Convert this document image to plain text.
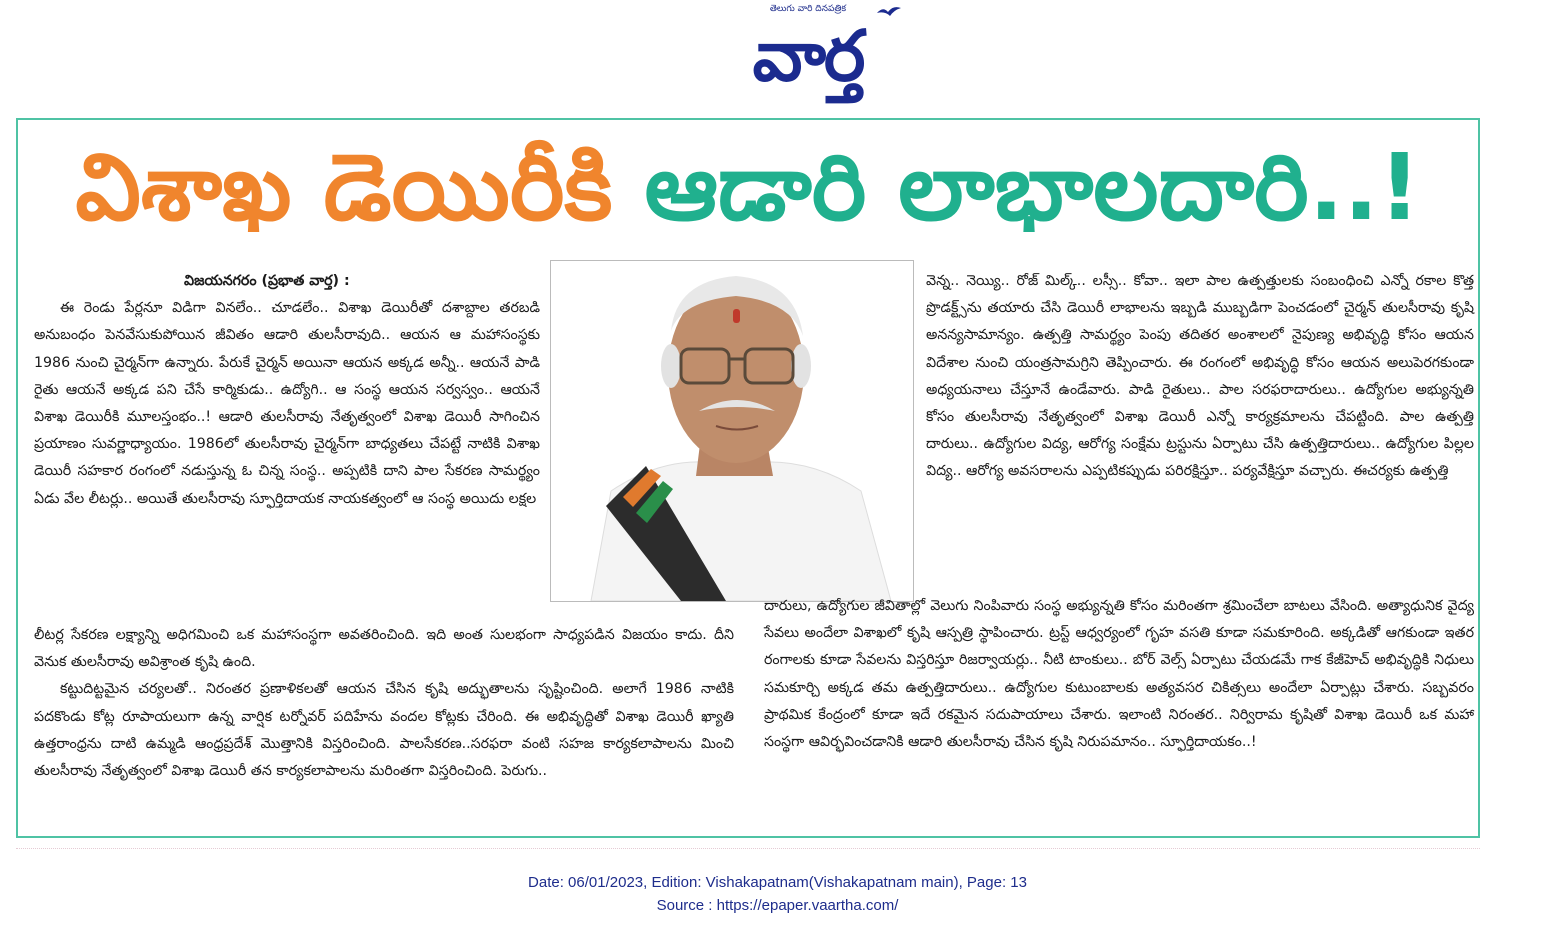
తెలుగు వారి దినపత్రిక
వార్త
విశాఖ డెయిరీకి ఆడారి లాభాలదారి..!

విజయనగరం (ప్రభాత వార్త) :

ఈ రెండు పేర్లనూ విడిగా వినలేం.. చూడలేం.. విశాఖ డెయిరీతో దశాబ్దాల తరబడి అనుబంధం పెనవేసుకుపోయిన జీవితం ఆడారి తులసీరావుది.. ఆయన ఆ మహాసంస్థకు 1986 నుంచి చైర్మన్‌గా ఉన్నారు. పేరుకే చైర్మన్ అయినా ఆయన అక్కడ అన్నీ.. ఆయనే పాడి రైతు ఆయనే అక్కడ పని చేసే కార్మికుడు.. ఉద్యోగి.. ఆ సంస్థ ఆయన సర్వస్వం.. ఆయనే విశాఖ డెయిరీకి మూలస్తంభం..! ఆడారి తులసీరావు నేతృత్వంలో విశాఖ డెయిరీ సాగించిన ప్రయాణం సువర్ణాధ్యాయం. 1986లో తులసీరావు చైర్మన్‌గా బాధ్యతలు చేపట్టే నాటికి విశాఖ డెయిరీ సహకార రంగంలో నడుస్తున్న ఓ చిన్న సంస్థ.. అప్పటికి దాని పాల సేకరణ సామర్థ్యం ఏడు వేల లీటర్లు.. అయితే తులసీరావు స్ఫూర్తిదాయక నాయకత్వంలో ఆ సంస్థ అయిదు లక్షల

వెన్న.. నెయ్యి.. రోజ్ మిల్క్.. లస్సీ.. కోవా.. ఇలా పాల ఉత్పత్తులకు సంబంధించి ఎన్నో రకాల కొత్త ప్రొడక్ట్స్‌ను తయారు చేసి డెయిరీ లాభాలను ఇబ్బడి ముబ్బడిగా పెంచడంలో చైర్మన్ తులసీరావు కృషి అనన్యసామాన్యం. ఉత్పత్తి సామర్థ్యం పెంపు తదితర అంశాలలో నైపుణ్య అభివృద్ధి కోసం ఆయన విదేశాల నుంచి యంత్రసామగ్రిని తెప్పించారు. ఈ రంగంలో అభివృద్ధి కోసం ఆయన అలుపెరగకుండా అధ్యయనాలు చేస్తూనే ఉండేవారు. పాడి రైతులు.. పాల సరఫరాదారులు.. ఉద్యోగుల అభ్యున్నతి కోసం తులసీరావు నేతృత్వంలో విశాఖ డెయిరీ ఎన్నో కార్యక్రమాలను చేపట్టింది. పాల ఉత్పత్తి దారులు.. ఉద్యోగుల విద్య, ఆరోగ్య సంక్షేమ ట్రస్టును ఏర్పాటు చేసి ఉత్పత్తిదారులు.. ఉద్యోగుల పిల్లల విద్య.. ఆరోగ్య అవసరాలను ఎప్పటికప్పుడు పరిరక్షిస్తూ.. పర్యవేక్షిస్తూ వచ్చారు. ఈచర్యకు ఉత్పత్తి

లీటర్ల సేకరణ లక్ష్యాన్ని అధిగమించి ఒక మహాసంస్థగా అవతరించింది. ఇది అంత సులభంగా సాధ్యపడిన విజయం కాదు. దీని వెనుక తులసీరావు అవిశ్రాంత కృషి ఉంది.

కట్టుదిట్టమైన చర్యలతో.. నిరంతర ప్రణాళికలతో ఆయన చేసిన కృషి అద్భుతాలను సృష్టించింది. అలాగే 1986 నాటికి పదకొండు కోట్ల రూపాయలుగా ఉన్న వార్షిక టర్నోవర్ పదిహేను వందల కోట్లకు చేరింది. ఈ అభివృద్ధితో విశాఖ డెయిరీ ఖ్యాతి ఉత్తరాంధ్రను దాటి ఉమ్మడి ఆంధ్రప్రదేశ్ మొత్తానికి విస్తరించింది. పాలసేకరణ..సరఫరా వంటి సహజ కార్యకలాపాలను మించి తులసీరావు నేతృత్వంలో విశాఖ డెయిరీ తన కార్యకలాపాలను మరింతగా విస్తరించింది. పెరుగు..

దారులు, ఉద్యోగుల జీవితాల్లో వెలుగు నింపివారు సంస్థ అభ్యున్నతి కోసం మరింతగా శ్రమించేలా బాటలు వేసింది. అత్యాధునిక వైద్య సేవలు అందేలా విశాఖలో కృషి ఆస్పత్రి స్థాపించారు. ట్రస్ట్ ఆధ్వర్యంలో గృహ వసతి కూడా సమకూరింది. అక్కడితో ఆగకుండా ఇతర రంగాలకు కూడా సేవలను విస్తరిస్తూ రిజర్వాయర్లు.. నీటి టాంకులు.. బోర్ వెల్స్ ఏర్పాటు చేయడమే గాక కేజీహెచ్ అభివృద్ధికి నిధులు సమకూర్చి అక్కడ తమ ఉత్పత్తిదారులు.. ఉద్యోగుల కుటుంబాలకు అత్యవసర చికిత్సలు అందేలా ఏర్పాట్లు చేశారు. సబ్బవరం ప్రాథమిక కేంద్రంలో కూడా ఇదే రకమైన సదుపాయాలు చేశారు. ఇలాంటి నిరంతర.. నిర్విరామ కృషితో విశాఖ డెయిరీ ఒక మహా సంస్థగా ఆవిర్భవించడానికి ఆడారి తులసీరావు చేసిన కృషి నిరుపమానం.. స్ఫూర్తిదాయకం..!

Date: 06/01/2023, Edition: Vishakapatnam(Vishakapatnam main), Page: 13
Source : https://epaper.vaartha.com/
